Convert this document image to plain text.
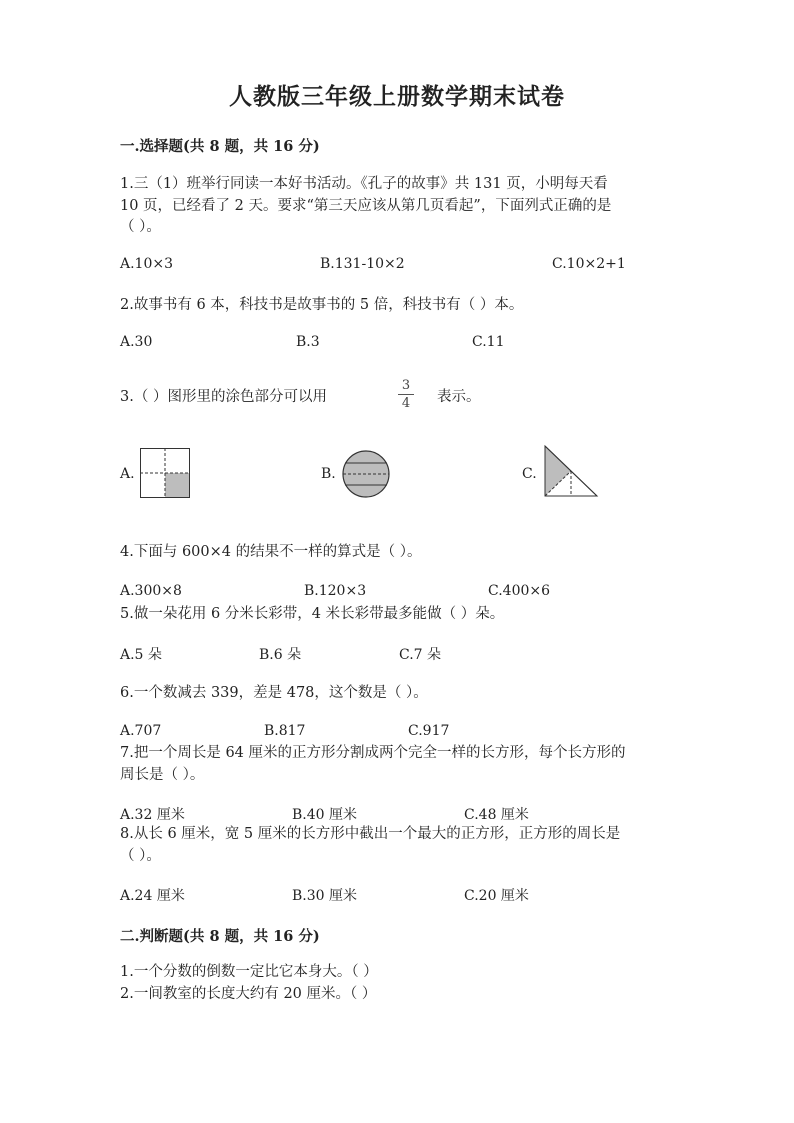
人教版三年级上册数学期末试卷
一.选择题(共 8 题，共 16 分)
1.三（1）班举行同读一本好书活动。《孔子的故事》共 131 页，小明每天看
10 页，已经看了 2 天。要求“第三天应该从第几页看起”，下面列式正确的是
（ ）。
A.10×3	B.131-10×2	C.10×2+1
2.故事书有 6 本，科技书是故事书的 5 倍，科技书有（ ）本。
A.30	B.3	C.11
3.（ ）图形里的涂色部分可以用
3
4 表示。
A.	B.	C.
4.下面与 600×4 的结果不一样的算式是（ ）。
A.300×8	B.120×3	C.400×6
5.做一朵花用 6 分米长彩带，4 米长彩带最多能做（ ）朵。
A.5 朵	B.6 朵	C.7 朵
6.一个数减去 339，差是 478，这个数是（ ）。
A.707	B.817	C.917
7.把一个周长是 64 厘米的正方形分割成两个完全一样的长方形，每个长方形的
周长是（ ）。
A.32 厘米	B.40 厘米	C.48 厘米
8.从长 6 厘米，宽 5 厘米的长方形中截出一个最大的正方形，正方形的周长是
（ ）。
A.24 厘米	B.30 厘米	C.20 厘米
二.判断题(共 8 题，共 16 分)
1.一个分数的倒数一定比它本身大。（ ）
2.一间教室的长度大约有 20 厘米。（ ）
